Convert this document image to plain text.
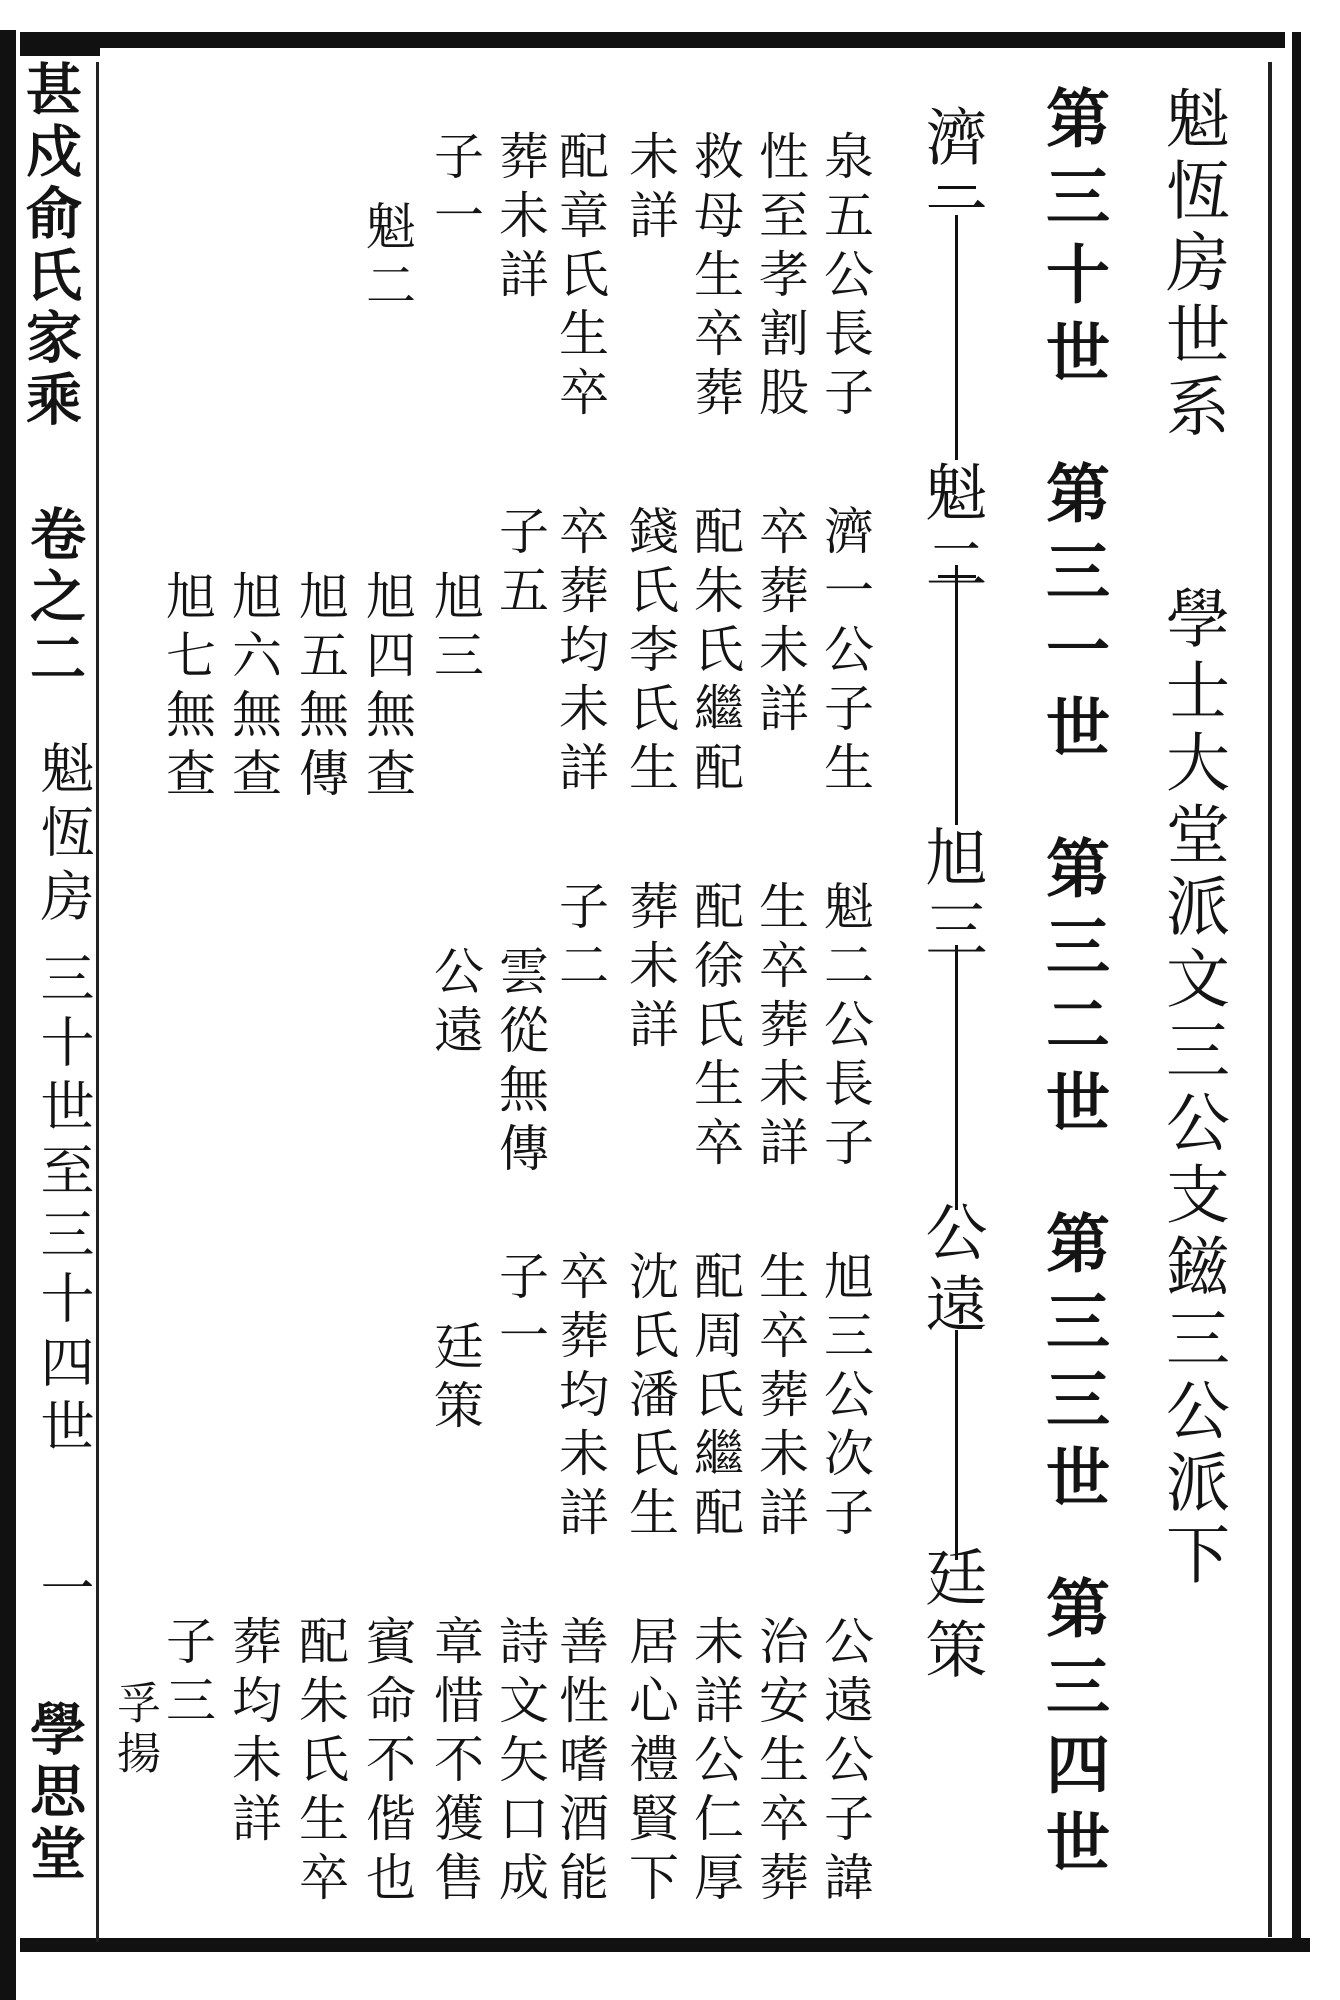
甚戍俞氏家乘
卷之二
魁恆房
三十世至三十四世
一
學思堂
魁恆房世系
學士大堂派文三公支鎡三公派下
第三十世
第三一世
第三二世
第三三世
第三四世
濟一
魁二
旭三
公遠
廷策
泉五公長子
性至孝割股
救母生卒葬
未詳
配章氏生卒
葬未詳
子一
魁二
濟一公子生
卒葬未詳
配朱氏繼配
錢氏李氏生
卒葬均未詳
子五
旭三
旭四無查
旭五無傳
旭六無查
旭七無查
魁二公長子
生卒葬未詳
配徐氏生卒
葬未詳
子二
雲從無傳
公遠
旭三公次子
生卒葬未詳
配周氏繼配
沈氏潘氏生
卒葬均未詳
子一
廷策
公遠公子諱
治安生卒葬
未詳公仁厚
居心禮賢下
善性嗜酒能
詩文矢口成
章惜不獲售
賓命不偕也
配朱氏生卒
葬均未詳
子三
孚揚
